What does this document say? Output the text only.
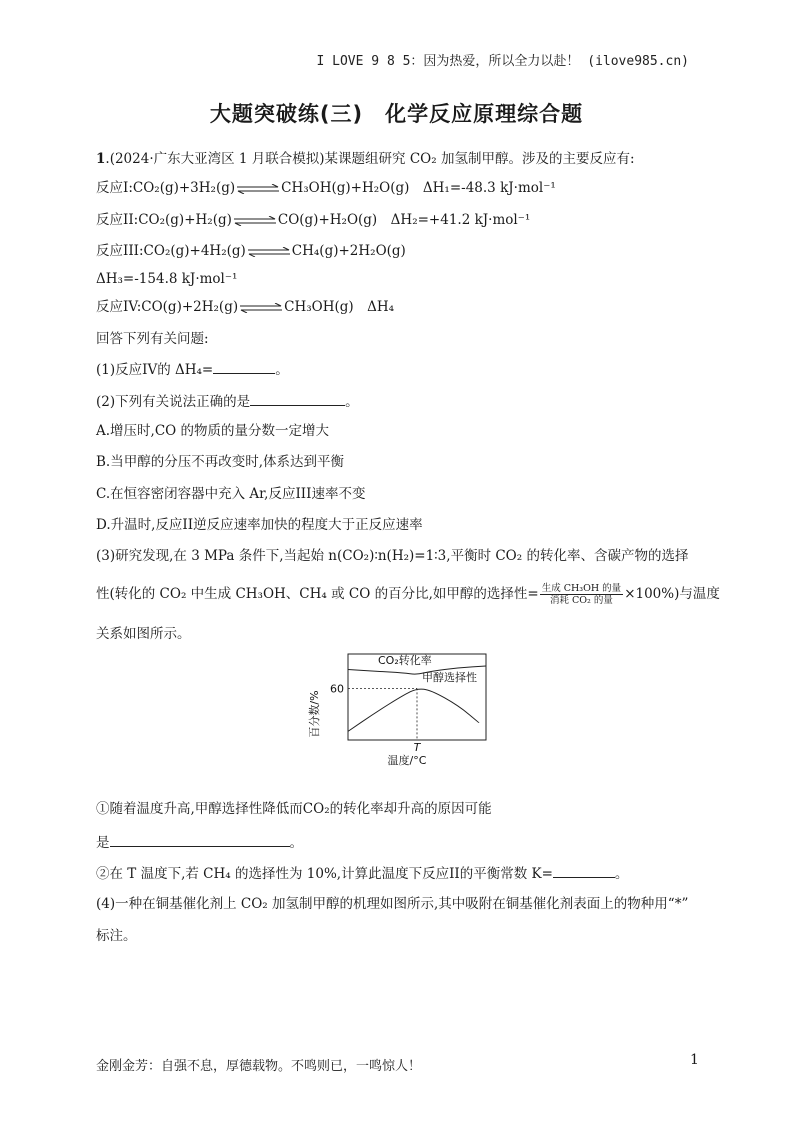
I LOVE 9 8 5：因为热爱，所以全力以赴！ (ilove985.cn)
大题突破练(三)　化学反应原理综合题
1.(2024·广东大亚湾区 1 月联合模拟)某课题组研究 CO₂ 加氢制甲醇。涉及的主要反应有:
反应I:CO₂(g)+3H₂(g)⇌CH₃OH(g)+H₂O(g)　ΔH₁=-48.3 kJ·mol⁻¹
反应II:CO₂(g)+H₂(g)⇌CO(g)+H₂O(g)　ΔH₂=+41.2 kJ·mol⁻¹
反应III:CO₂(g)+4H₂(g)⇌CH₄(g)+2H₂O(g)
ΔH₃=-154.8 kJ·mol⁻¹
反应IV:CO(g)+2H₂(g)⇌CH₃OH(g)　ΔH₄
回答下列有关问题:
(1)反应IV的 ΔH₄=	。
(2)下列有关说法正确的是	。
A.增压时,CO 的物质的量分数一定增大
B.当甲醇的分压不再改变时,体系达到平衡
C.在恒容密闭容器中充入 Ar,反应III速率不变
D.升温时,反应II逆反应速率加快的程度大于正反应速率
(3)研究发现,在 3 MPa 条件下,当起始 n(CO₂)∶n(H₂)=1∶3,平衡时 CO₂ 的转化率、含碳产物的选择
性(转化的 CO₂ 中生成 CH₃OH、CH₄ 或 CO 的百分比,如甲醇的选择性= $\frac{\text{生成 CH₃OH 的量}}{\text{消耗 CO₂ 的量}} \times 100\%$)与温度
关系如图所示。
百分数/%
60
T
温度/°C
CO₂转化率
甲醇选择性
①随着温度升高,甲醇选择性降低而CO₂的转化率却升高的原因可能
是	。
②在 T 温度下,若 CH₄ 的选择性为 10%,计算此温度下反应II的平衡常数 K=	。
(4)一种在铜基催化剂上 CO₂ 加氢制甲醇的机理如图所示,其中吸附在铜基催化剂表面上的物种用“*”
标注。
金刚金芳：自强不息，厚德载物。不鸣则已，一鸣惊人！	1
